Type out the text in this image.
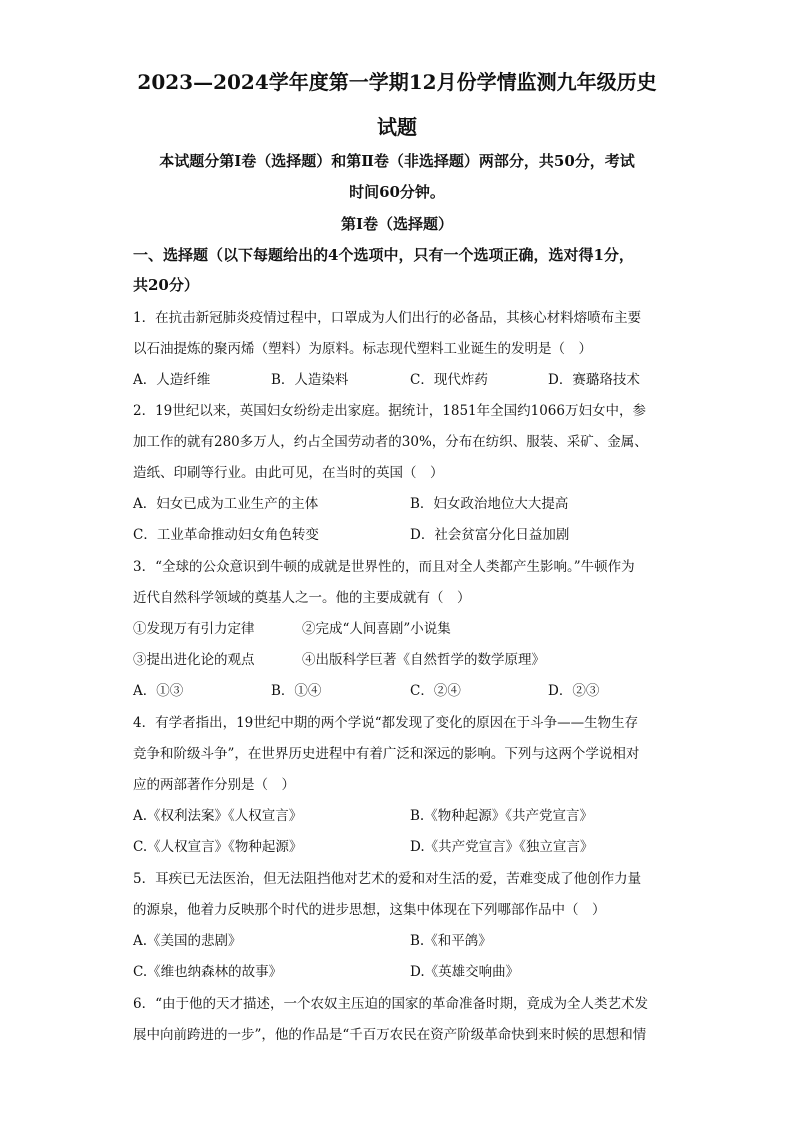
2023—2024学年度第一学期12月份学情监测九年级历史
试题
本试题分第Ⅰ卷（选择题）和第Ⅱ卷（非选择题）两部分，共50分，考试
时间60分钟。
第Ⅰ卷（选择题）
一、选择题（以下每题给出的4个选项中，只有一个选项正确，选对得1分，
共20分）
1．在抗击新冠肺炎疫情过程中，口罩成为人们出行的必备品，其核心材料熔喷布主要
以石油提炼的聚丙烯（塑料）为原料。标志现代塑料工业诞生的发明是（　）
A．人造纤维	B．人造染料	C．现代炸药	D．赛璐珞技术
2．19世纪以来，英国妇女纷纷走出家庭。据统计，1851年全国约1066万妇女中，参
加工作的就有280多万人，约占全国劳动者的30%，分布在纺织、服装、采矿、金属、
造纸、印刷等行业。由此可见，在当时的英国（　）
A．妇女已成为工业生产的主体	B．妇女政治地位大大提高
C．工业革命推动妇女角色转变	D．社会贫富分化日益加剧
3．“全球的公众意识到牛顿的成就是世界性的，而且对全人类都产生影响。”牛顿作为
近代自然科学领域的奠基人之一。他的主要成就有（　）
①发现万有引力定律	②完成“人间喜剧”小说集
③提出进化论的观点	④出版科学巨著《自然哲学的数学原理》
A．①③	B．①④	C．②④	D．②③
4．有学者指出，19世纪中期的两个学说“都发现了变化的原因在于斗争——生物生存
竞争和阶级斗争”，在世界历史进程中有着广泛和深远的影响。下列与这两个学说相对
应的两部著作分别是（　）
A.《权利法案》《人权宣言》	B.《物种起源》《共产党宣言》
C.《人权宣言》《物种起源》	D.《共产党宣言》《独立宣言》
5．耳疾已无法医治，但无法阻挡他对艺术的爱和对生活的爱，苦难变成了他创作力量
的源泉，他着力反映那个时代的进步思想，这集中体现在下列哪部作品中（　）
A.《美国的悲剧》	B.《和平鸽》
C.《维也纳森林的故事》	D.《英雄交响曲》
6．“由于他的天才描述，一个农奴主压迫的国家的革命准备时期，竟成为全人类艺术发
展中向前跨进的一步”，他的作品是“千百万农民在资产阶级革命快到来时候的思想和情
